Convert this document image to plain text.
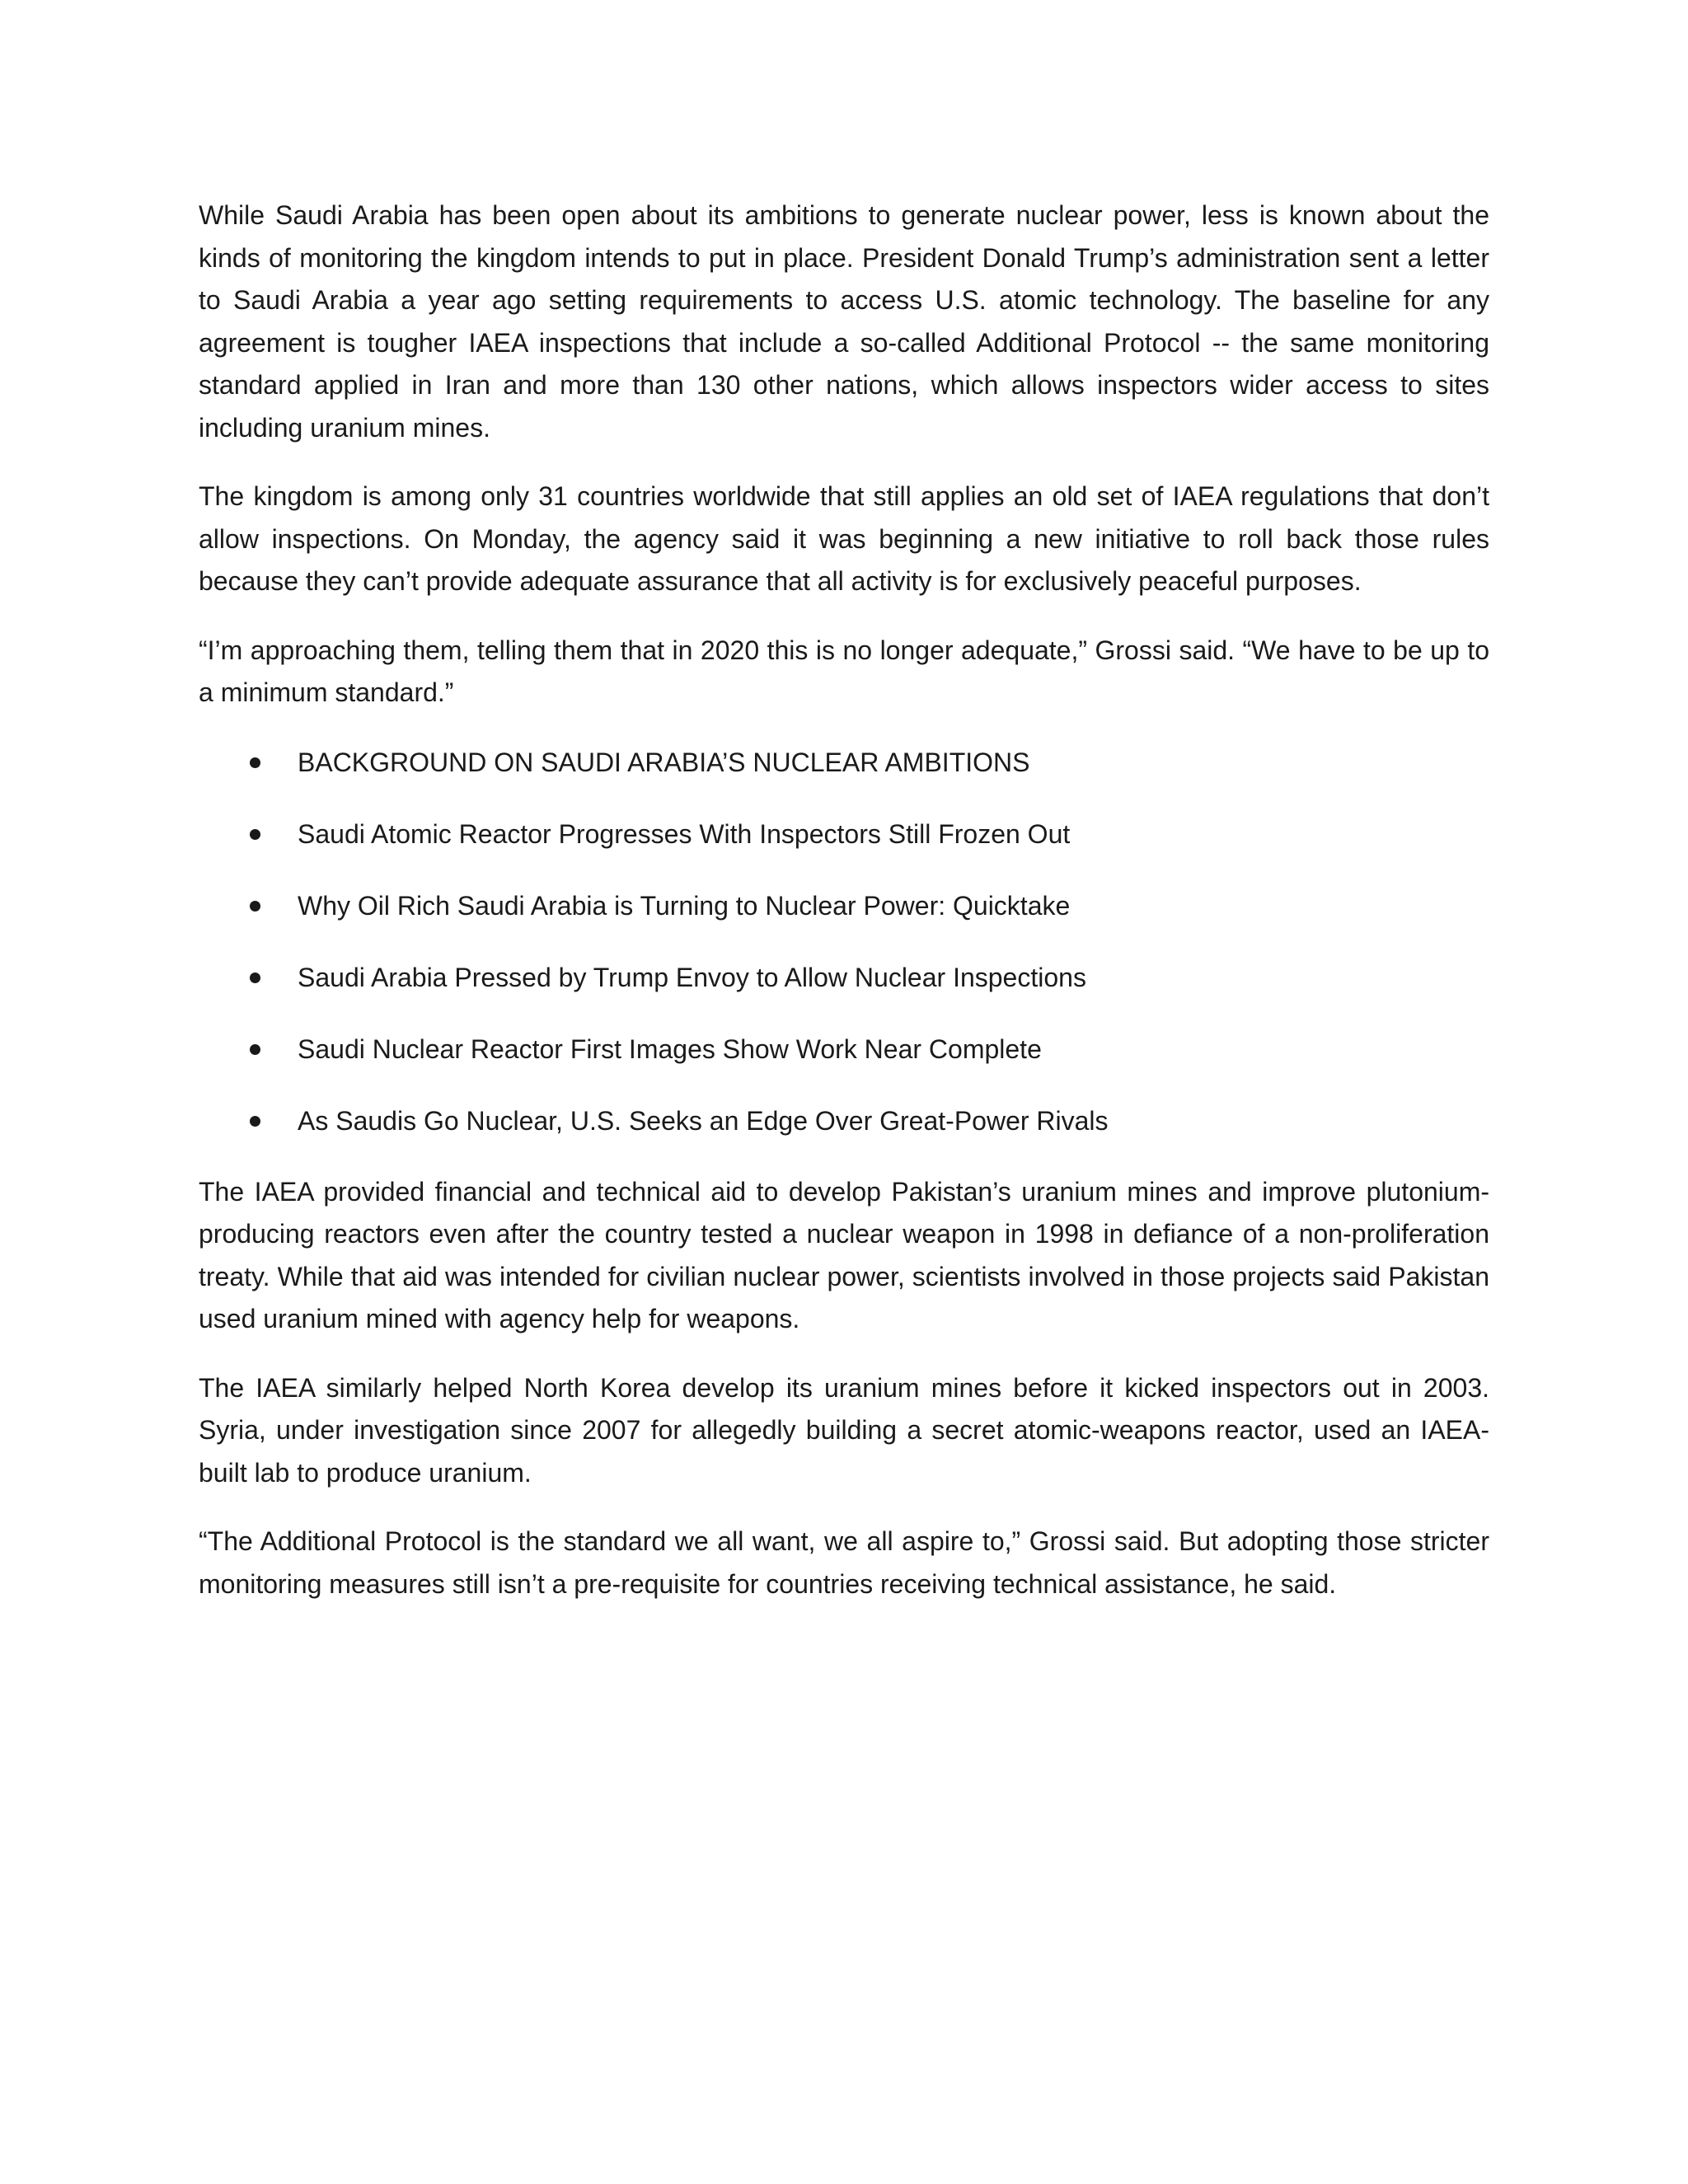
While Saudi Arabia has been open about its ambitions to generate nuclear power, less is known about the kinds of monitoring the kingdom intends to put in place. President Donald Trump’s administration sent a letter to Saudi Arabia a year ago setting requirements to access U.S. atomic technology. The baseline for any agreement is tougher IAEA inspections that include a so-called Additional Protocol -- the same monitoring standard applied in Iran and more than 130 other nations, which allows inspectors wider access to sites including uranium mines.

The kingdom is among only 31 countries worldwide that still applies an old set of IAEA regulations that don’t allow inspections. On Monday, the agency said it was beginning a new initiative to roll back those rules because they can’t provide adequate assurance that all activity is for exclusively peaceful purposes.

“I’m approaching them, telling them that in 2020 this is no longer adequate,” Grossi said. “We have to be up to a minimum standard.”

BACKGROUND ON SAUDI ARABIA’S NUCLEAR AMBITIONS
Saudi Atomic Reactor Progresses With Inspectors Still Frozen Out
Why Oil Rich Saudi Arabia is Turning to Nuclear Power: Quicktake
Saudi Arabia Pressed by Trump Envoy to Allow Nuclear Inspections
Saudi Nuclear Reactor First Images Show Work Near Complete
As Saudis Go Nuclear, U.S. Seeks an Edge Over Great-Power Rivals

The IAEA provided financial and technical aid to develop Pakistan’s uranium mines and improve plutonium-producing reactors even after the country tested a nuclear weapon in 1998 in defiance of a non-proliferation treaty. While that aid was intended for civilian nuclear power, scientists involved in those projects said Pakistan used uranium mined with agency help for weapons.

The IAEA similarly helped North Korea develop its uranium mines before it kicked inspectors out in 2003. Syria, under investigation since 2007 for allegedly building a secret atomic-weapons reactor, used an IAEA-built lab to produce uranium.

“The Additional Protocol is the standard we all want, we all aspire to,” Grossi said. But adopting those stricter monitoring measures still isn’t a pre-requisite for countries receiving technical assistance, he said.
